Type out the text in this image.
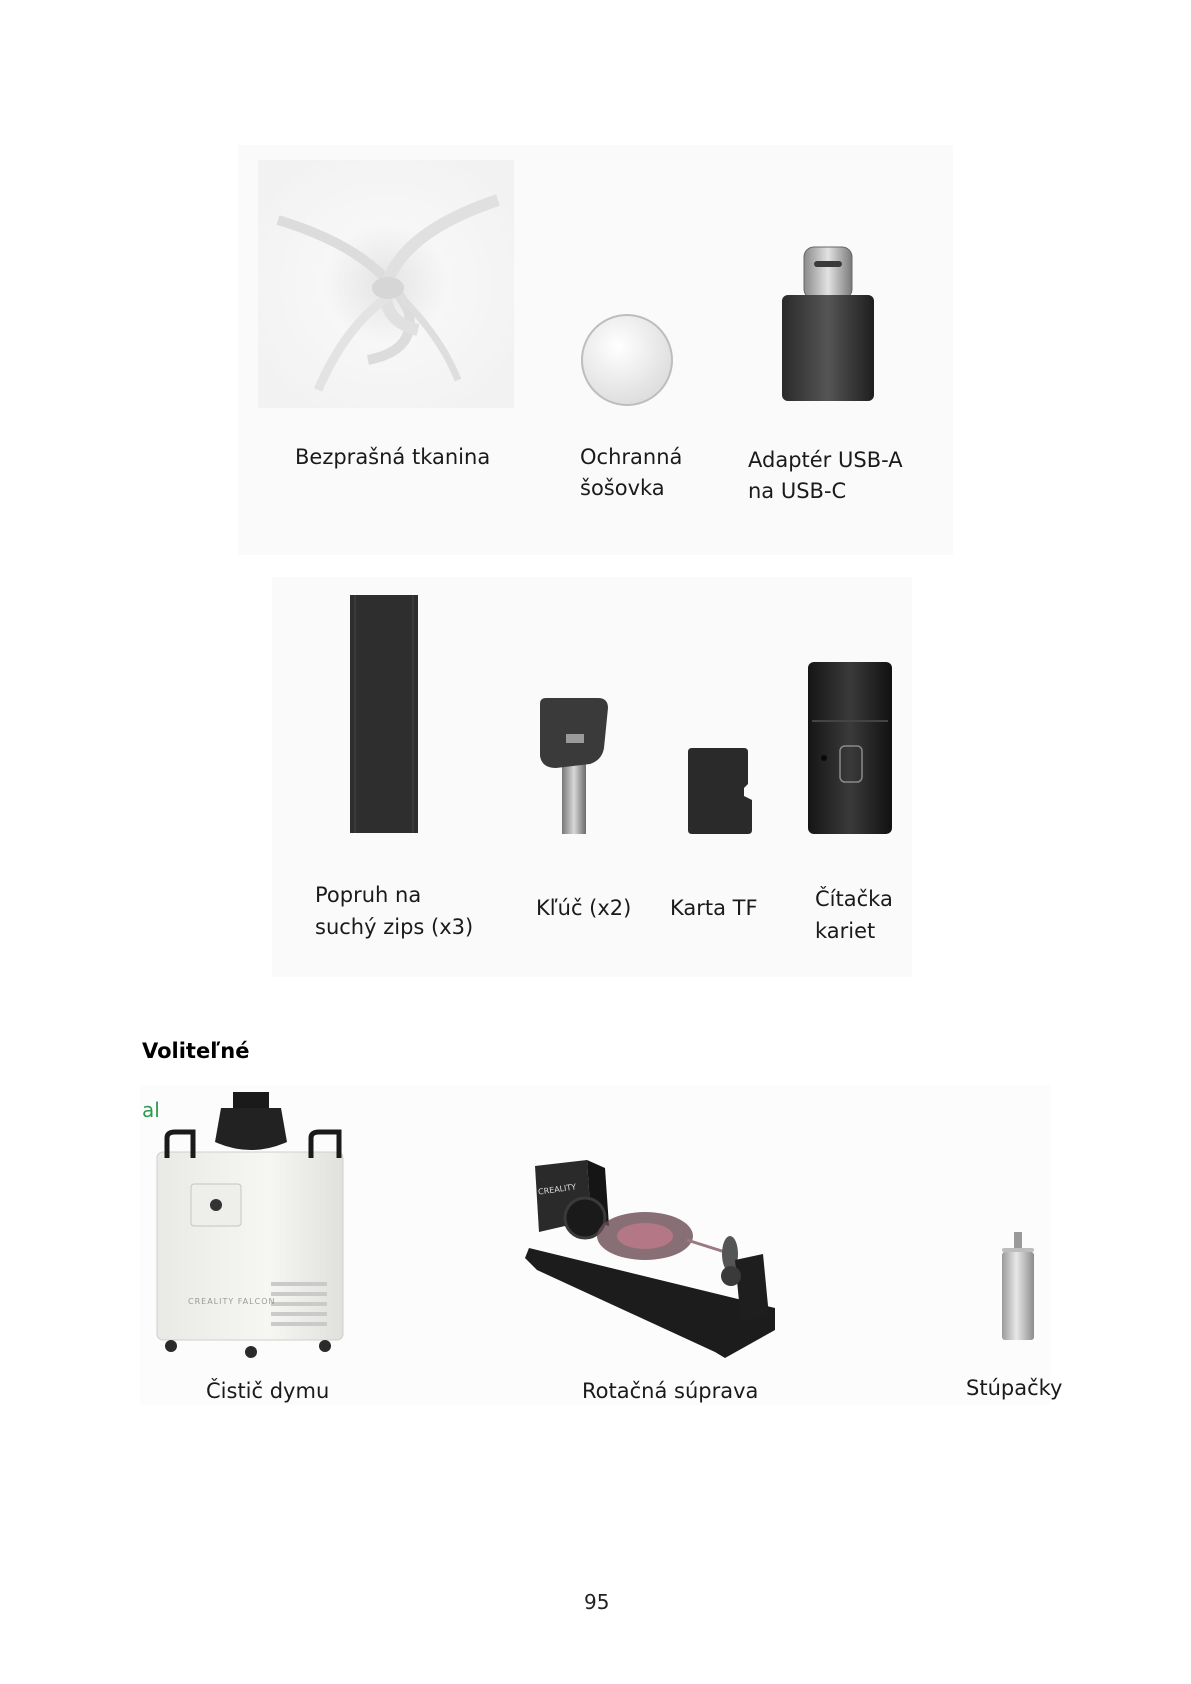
Bezprašná tkanina	Ochranná
šošovka
Adaptér USB-A
na USB-C
Popruh na
suchý zips (x3)
Kľúč (x2) Karta TF	Čítačka
kariet
Voliteľné
al
CREALITY FALCON
CREALITY
Čistič dymu	Rotačná súprava	Stúpačky
95
